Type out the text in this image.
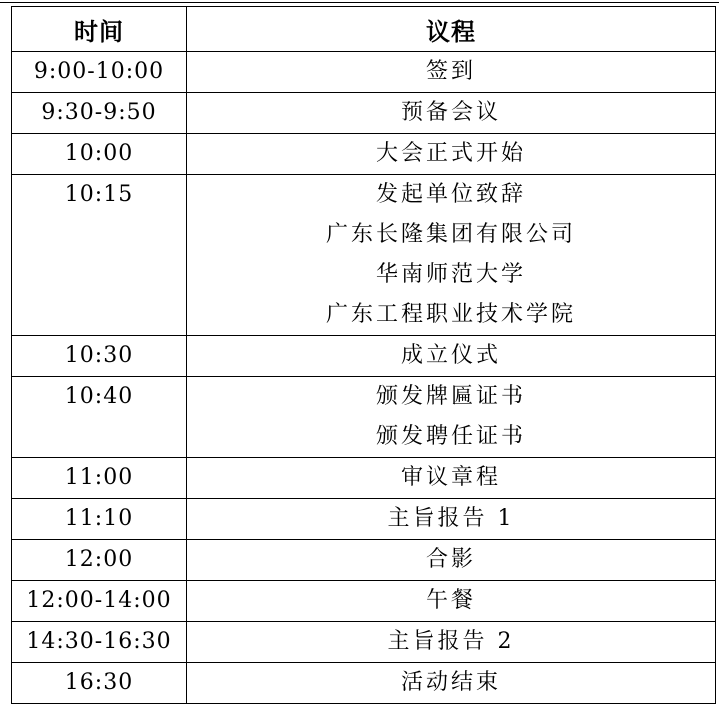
时间	议程

9:00-10:00	签到

9:30-9:50	预备会议

10:00	大会正式开始

10:15	发起单位致辞
广东长隆集团有限公司
华南师范大学
广东工程职业技术学院

10:30	成立仪式

10:40	颁发牌匾证书
颁发聘任证书

11:00	审议章程

11:10	主旨报告 1

12:00	合影

12:00-14:00	午餐

14:30-16:30	主旨报告 2

16:30	活动结束
